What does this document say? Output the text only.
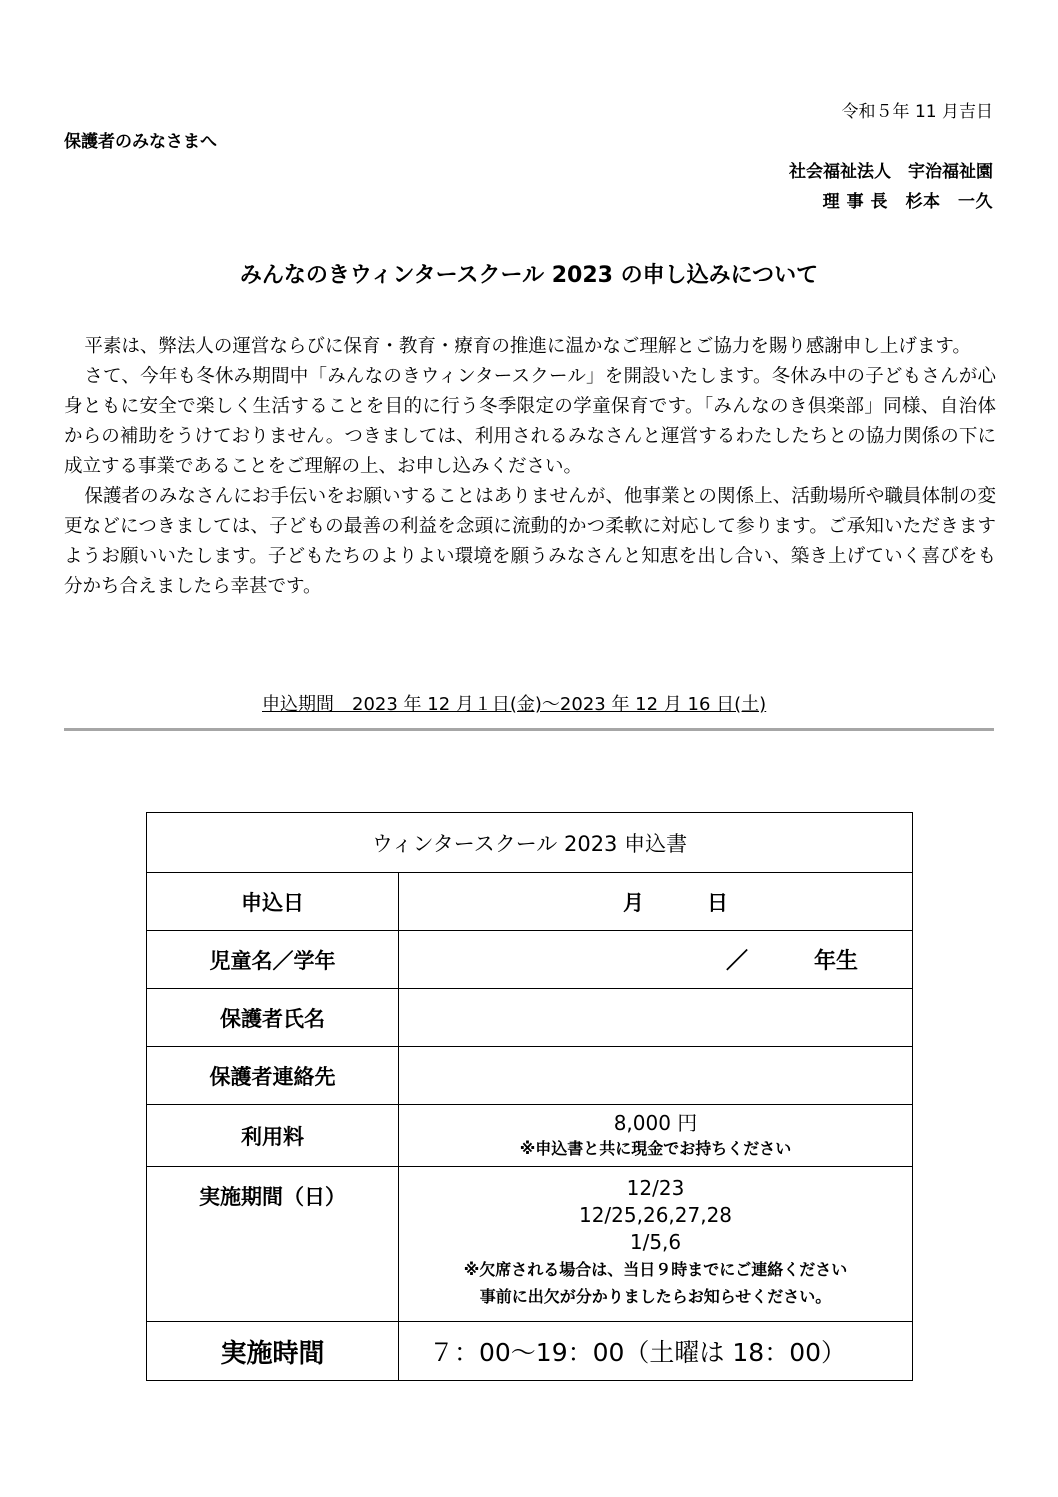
令和５年 11 月吉日
保護者のみなさまへ
社会福祉法人　宇治福祉園
理 事 長　杉本　一久
みんなのきウィンタースクール 2023 の申し込みについて

平素は、弊法人の運営ならびに保育・教育・療育の推進に温かなご理解とご協力を賜り感謝申し上げます。

さて、今年も冬休み期間中「みんなのきウィンタースクール」を開設いたします。冬休み中の子どもさんが心身ともに安全で楽しく生活することを目的に行う冬季限定の学童保育です。「みんなのき倶楽部」同様、自治体からの補助をうけておりません。つきましては、利用されるみなさんと運営するわたしたちとの協力関係の下に成立する事業であることをご理解の上、お申し込みください。

保護者のみなさんにお手伝いをお願いすることはありませんが、他事業との関係上、活動場所や職員体制の変更などにつきましては、子どもの最善の利益を念頭に流動的かつ柔軟に対応して参ります。ご承知いただきますようお願いいたします。子どもたちのよりよい環境を願うみなさんと知恵を出し合い、築き上げていく喜びをも分かち合えましたら幸甚です。

申込期間　2023 年 12 月１日(金)～2023 年 12 月 16 日(土)
ウィンタースクール 2023 申込書	
申込日	月　　　日
児童名／学年	／　　　年生
保護者氏名	
保護者連絡先	
利用料	8,000 円
※申込書と共に現金でお持ちください

実施期間（日）	12/23
12/25,26,27,28
1/5,6
※欠席される場合は、当日９時までにご連絡ください
事前に出欠が分かりましたらお知らせください。

実施時間	７：00～19：00（土曜は 18：00）
